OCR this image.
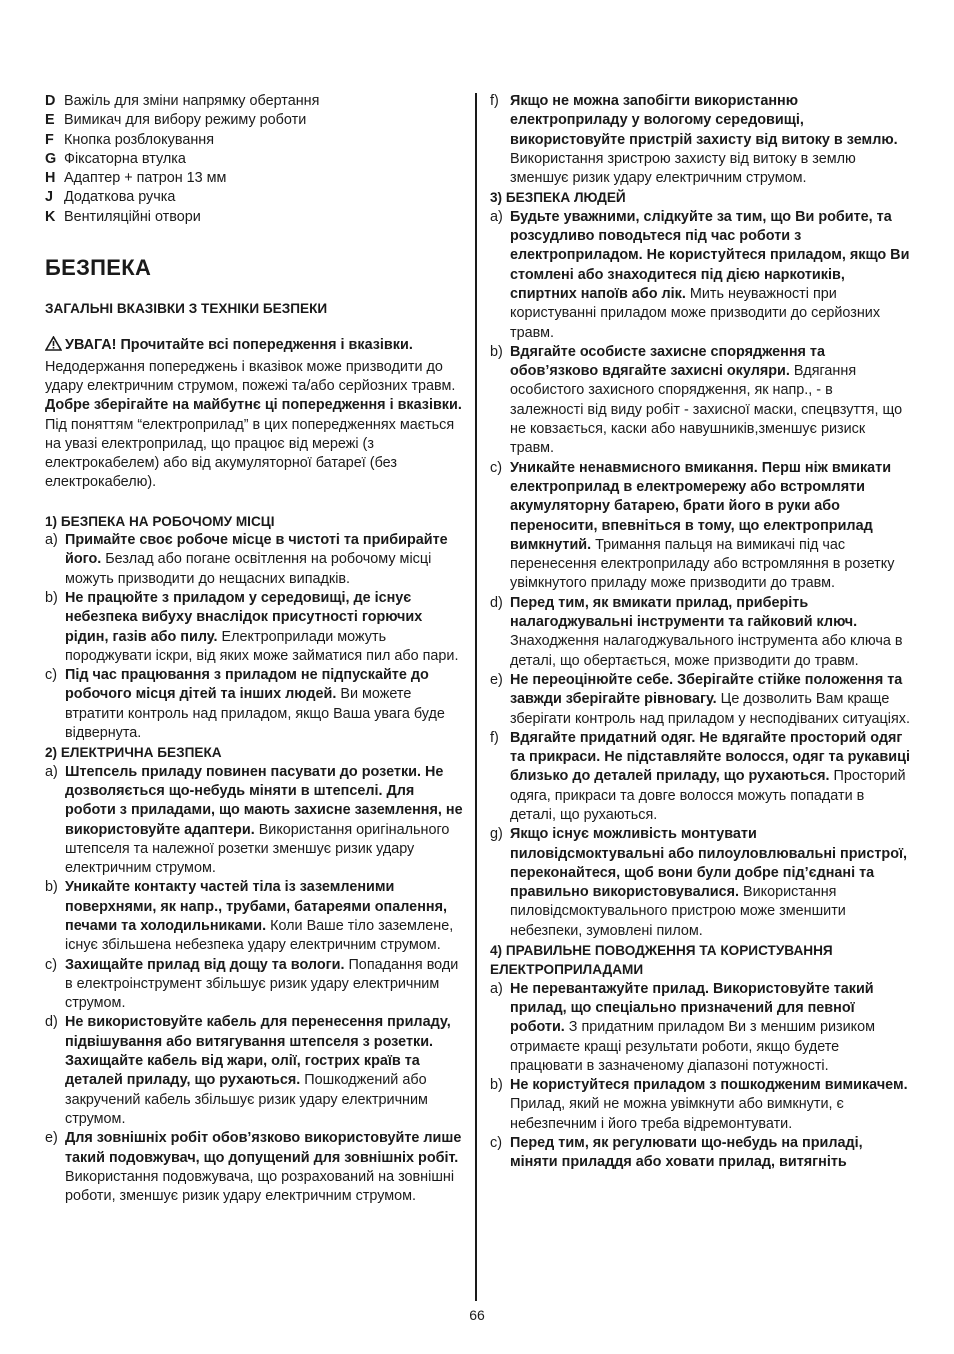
D Важіль для зміни напрямку обертання
E Вимикач для вибору режиму роботи
F Кнопка розблокування
G Фіксаторна втулка
H Адаптер + патрон 13 мм
J Додаткова ручка
K Вентиляційні отвори
БЕЗПЕКА
ЗАГАЛЬНІ ВКАЗІВКИ З ТЕХНІКИ БЕЗПЕКИ
УВАГА! Прочитайте всі попередження і вказівки. Недодержання попереджень і вказівок може призводити до удару електричним струмом, пожежі та/або серйозних травм. Добре зберігайте на майбутнє ці попередження і вказівки. Під поняттям “електроприлад” в цих попередженнях мається на увазі електроприлад, що працює від мережі (з електрокабелем) або від акумуляторної батареї (без електрокабелю).
1) БЕЗПЕКА НА РОБОЧОМУ МІСЦІ
a) Примайте своє робоче місце в чистоті та прибирайте його. Безлад або погане освітлення на робочому місці можуть призводити до нещасних випадків.
b) Не працюйте з приладом у середовищі, де існує небезпека вибуху внаслідок присутності горючих рідин, газів або пилу. Електроприлади можуть породжувати іскри, від яких може займатися пил або пари.
c) Під час працювання з приладом не підпускайте до робочого місця дітей та інших людей. Ви можете втратити контроль над приладом, якщо Ваша увага буде відвернута.
2) ЕЛЕКТРИЧНА БЕЗПЕКА
a) Штепсель приладу повинен пасувати до розетки. Не дозволяється що-небудь міняти в штепселі. Для роботи з приладами, що мають захисне заземлення, не використовуйте адаптери. Використання оригінального штепселя та належної розетки зменшує ризик удару електричним струмом.
b) Уникайте контакту частей тіла із заземленими поверхнями, як напр., трубами, батареями опалення, печами та холодильниками. Коли Ваше тіло заземлене, існує збільшена небезпека удару електричним струмом.
c) Захищайте прилад від дощу та вологи. Попадання води в електроінструмент збільшує ризик удару електричним струмом.
d) Не використовуйте кабель для перенесення приладу, підвішування або витягування штепселя з розетки. Захищайте кабель від жари, олії, гострих країв та деталей приладу, що рухаються. Пошкоджений або закручений кабель збільшує ризик удару електричним струмом.
e) Для зовнішніх робіт обов’язково використовуйте лише такий подовжувач, що допущений для зовнішніх робіт. Використання подовжувача, що розрахований на зовнішні роботи, зменшує ризик удару електричним струмом.
f) Якщо не можна запобігти використанню електроприладу у вологому середовищі, використовуйте пристрій захисту від витоку в землю. Використання зристрою захисту від витоку в землю зменшує ризик удару електричним струмом.
3) БЕЗПЕКА ЛЮДЕЙ
a) Будьте уважними, слідкуйте за тим, що Ви робите, та розсудливо поводьтеся під час роботи з електроприладом. Не користуйтеся приладом, якщо Ви стомлені або знаходитеся під дією наркотиків, спиртних напоїв або лік. Мить неуважності при користуванні приладом може призводити до серйозних травм.
b) Вдягайте особисте захисне спорядження та обов’язково вдягайте захисні окуляри. Вдягання особистого захисного спорядження, як напр., - в залежності від виду робіт - захисної маски, спецвзуття, що не ковзається, каски або навушників,зменшує ризиск травм.
c) Уникайте ненавмисного вмикання. Перш ніж вмикати електроприлад в електромережу або встромляти акумуляторну батарею, брати його в руки або переносити, впевніться в тому, що електроприлад вимкнутий. Тримання пальця на вимикачі під час перенесення електроприладу або встромляння в розетку увімкнутого приладу може призводити до травм.
d) Перед тим, як вмикати прилад, приберіть налагоджувальні інструменти та гайковий ключ. Знаходження налагоджувального інструмента або ключа в деталі, що обертається, може призводити до травм.
e) Не переоцінюйте себе. Зберігайте стійке положення та завжди зберігайте рівновагу. Це дозволить Вам краще зберігати контроль над приладом у несподіваних ситуаціях.
f) Вдягайте придатний одяг. Не вдягайте просторий одяг та прикраси. Не підставляйте волосся, одяг та рукавиці близько до деталей приладу, що рухаються. Просторий одяга, прикраси та довге волосся можуть попадати в деталі, що рухаються.
g) Якщо існує можливість монтувати пиловідсмоктувальні або пилоуловлювальні пристрої, переконайтеся, щоб вони були добре під’єднані та правильно використовувалися. Використання пиловідсмоктувального пристрою може зменшити небезпеки, зумовлені пилом.
4) ПРАВИЛЬНЕ ПОВОДЖЕННЯ ТА КОРИСТУВАННЯ ЕЛЕКТРОПРИЛАДАМИ
a) Не перевантажуйте прилад. Використовуйте такий прилад, що спеціально призначений для певної роботи. З придатним приладом Ви з меншим ризиком отримаєте кращі результати роботи, якщо будете працювати в зазначеному діапазоні потужності.
b) Не користуйтеся приладом з пошкодженим вимикачем. Прилад, який не можна увімкнути або вимкнути, є небезпечним і його треба відремонтувати.
c) Перед тим, як регулювати що-небудь на приладі, міняти приладдя або ховати прилад, витягніть
66
